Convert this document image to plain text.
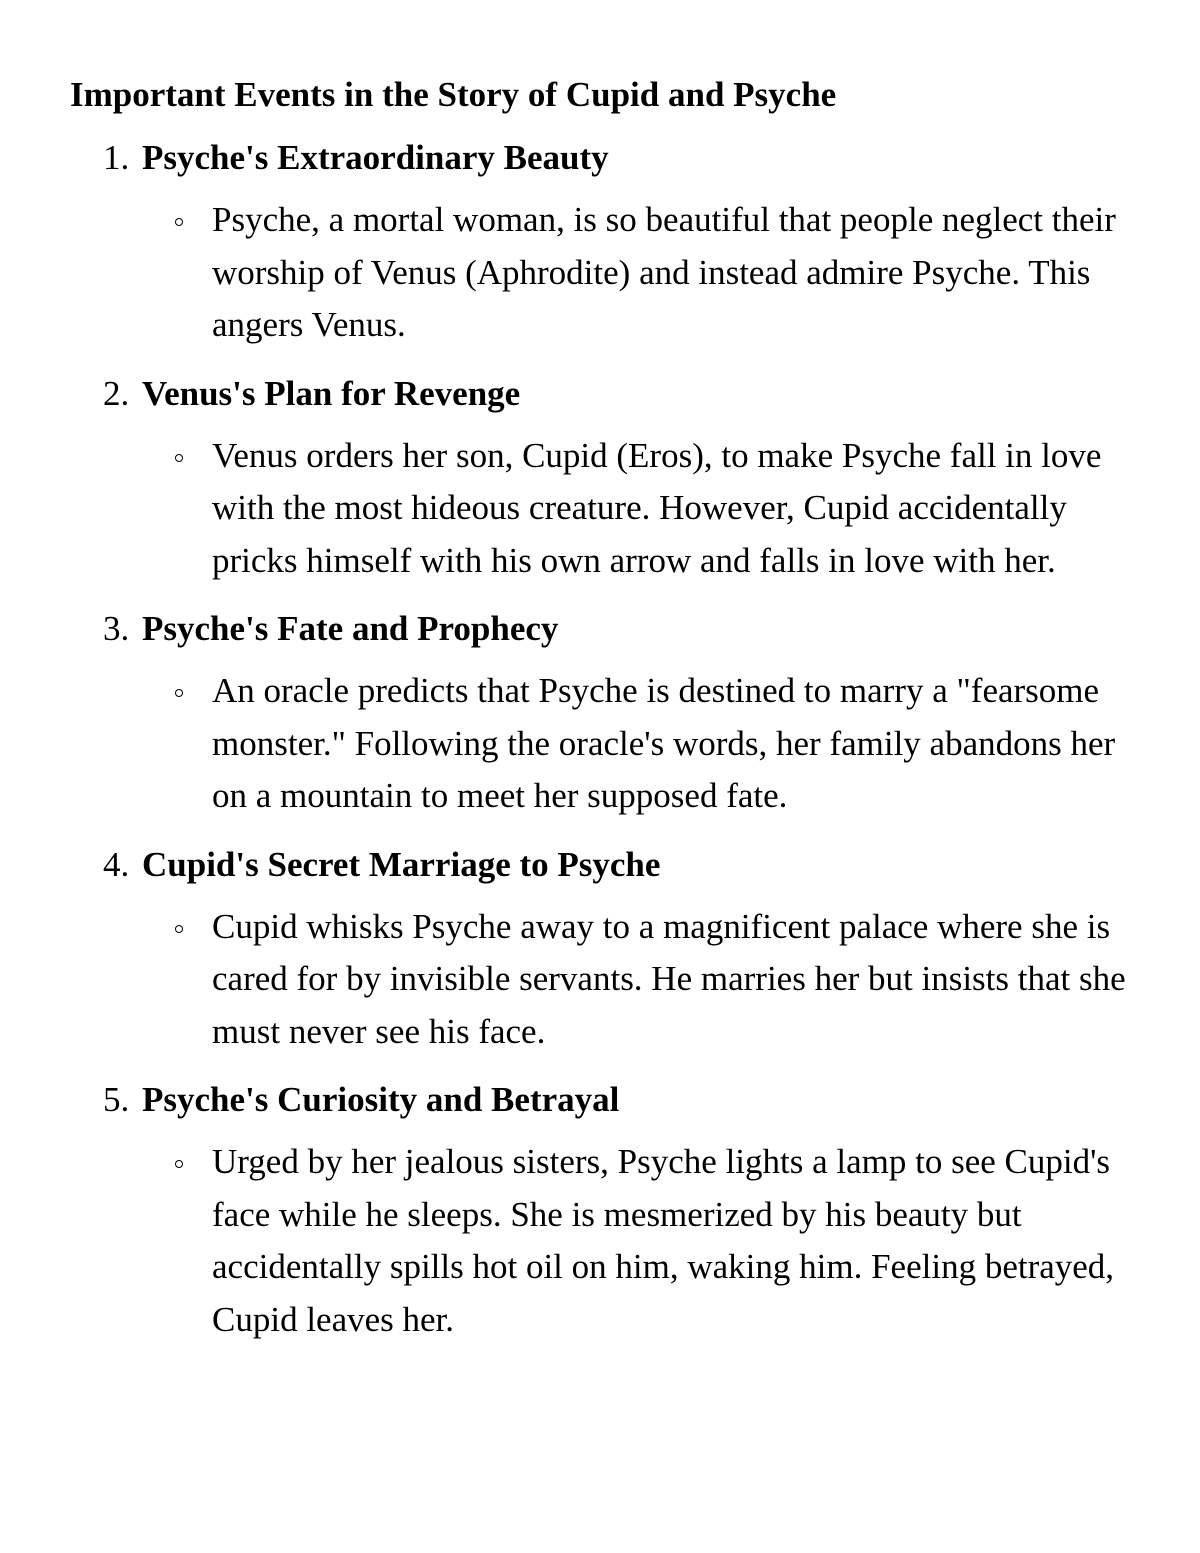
Important Events in the Story of Cupid and Psyche
1. Psyche's Extraordinary Beauty
Psyche, a mortal woman, is so beautiful that people neglect their worship of Venus (Aphrodite) and instead admire Psyche. This angers Venus.
2. Venus's Plan for Revenge
Venus orders her son, Cupid (Eros), to make Psyche fall in love with the most hideous creature. However, Cupid accidentally pricks himself with his own arrow and falls in love with her.
3. Psyche's Fate and Prophecy
An oracle predicts that Psyche is destined to marry a "fearsome monster." Following the oracle's words, her family abandons her on a mountain to meet her supposed fate.
4. Cupid's Secret Marriage to Psyche
Cupid whisks Psyche away to a magnificent palace where she is cared for by invisible servants. He marries her but insists that she must never see his face.
5. Psyche's Curiosity and Betrayal
Urged by her jealous sisters, Psyche lights a lamp to see Cupid's face while he sleeps. She is mesmerized by his beauty but accidentally spills hot oil on him, waking him. Feeling betrayed, Cupid leaves her.
